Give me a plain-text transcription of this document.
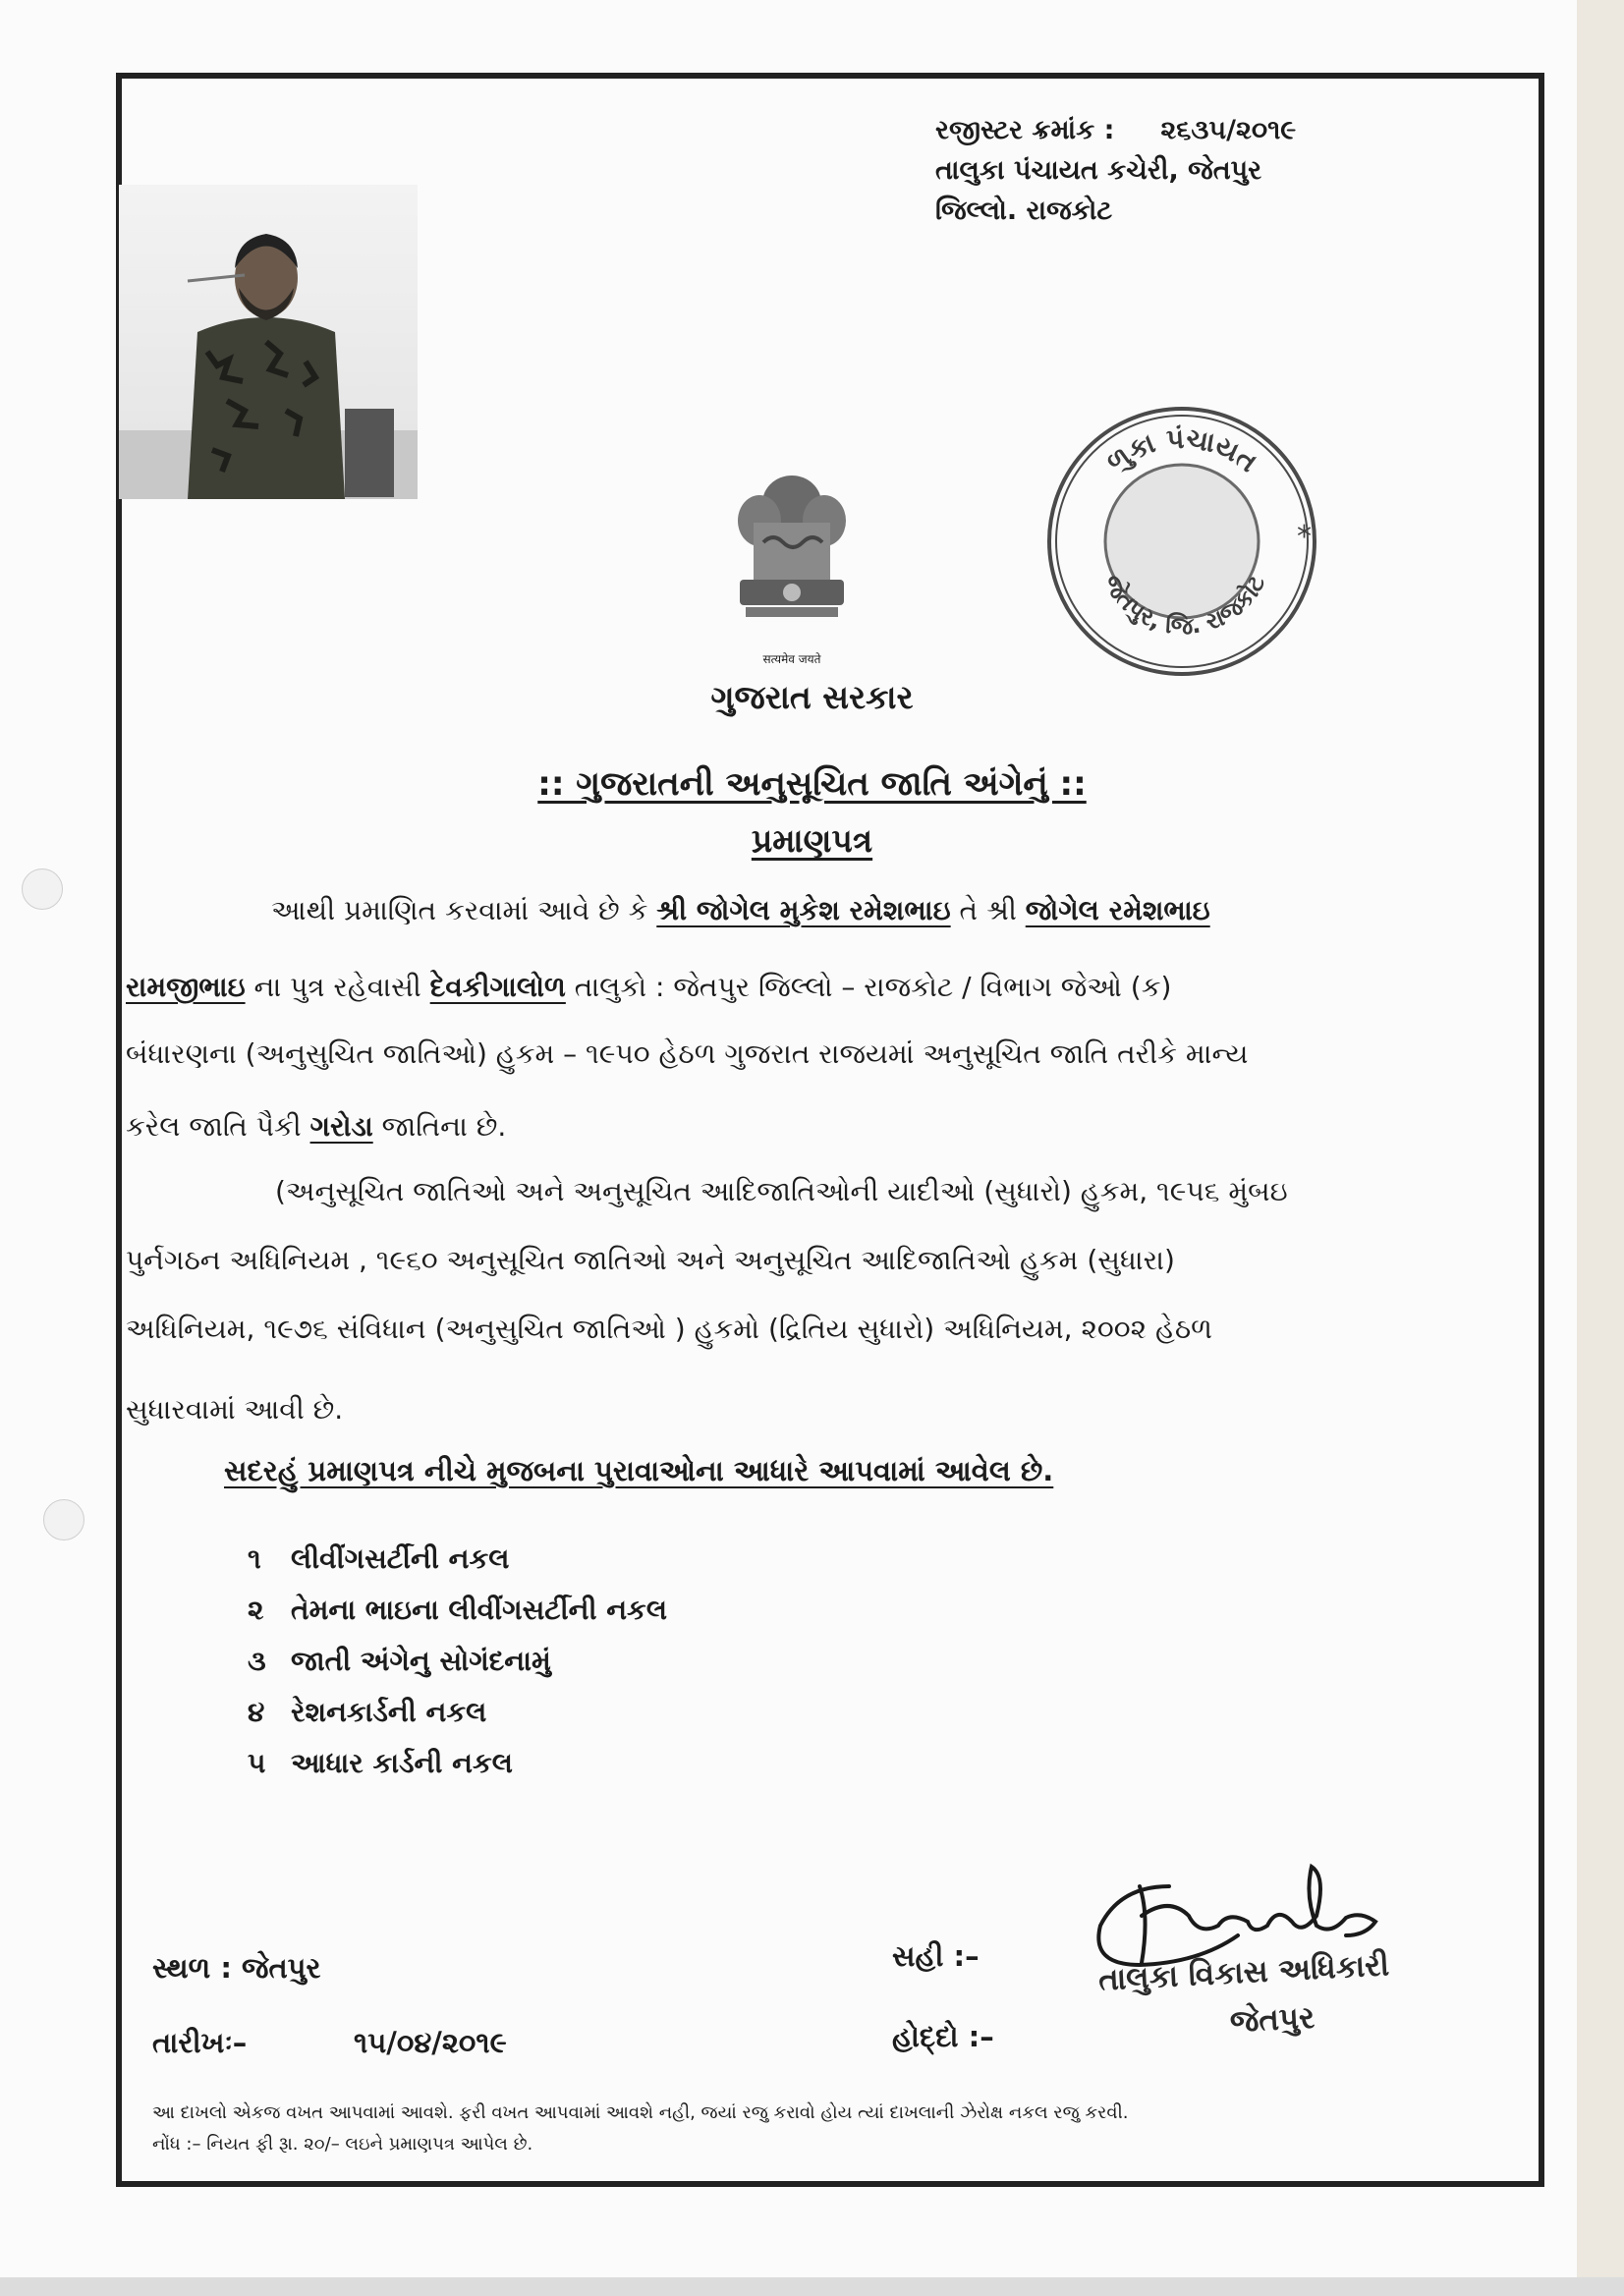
રજીસ્ટર ક્રમાંક : ૨૬૩૫/૨૦૧૯
તાલુકા પંચાયત કચેરી, જેતપુર
જિલ્લો. રાજકોટ
सत्यमेव जयते
ળુકા પંચાયત
જેતપુર, જિ. રાજકોટ
*
ગુજરાત સરકાર
:: ગુજરાતની અનુસૂચિત જાતિ અંગેનું ::
પ્રમાણપત્ર
આથી પ્રમાણિત કરવામાં આવે છે કે શ્રી જોગેલ મુકેશ રમેશભાઇ તે શ્રી જોગેલ રમેશભાઇ
રામજીભાઇ ના પુત્ર રહેવાસી દેવકીગાલોળ તાલુકો : જેતપુર જિલ્લો – રાજકોટ / વિભાગ જેઓ (ક)
બંધારણના (અનુસુચિત જાતિઓ) હુકમ – ૧૯૫૦ હેઠળ ગુજરાત રાજયમાં અનુસૂચિત જાતિ તરીકે માન્ય
કરેલ જાતિ પૈકી ગરોડા જાતિના છે.
(અનુસૂચિત જાતિઓ અને અનુસૂચિત આદિજાતિઓની યાદીઓ (સુધારો) હુકમ, ૧૯૫૬ મુંબઇ
પુર્નગઠન અધિનિયમ , ૧૯૬૦ અનુસૂચિત જાતિઓ અને અનુસૂચિત આદિજાતિઓ હુકમ (સુધારા)
અધિનિયમ, ૧૯૭૬ સંવિધાન (અનુસુચિત જાતિઓ ) હુકમો (દ્રિતિય સુધારો) અધિનિયમ, ૨૦૦૨ હેઠળ
સુધારવામાં આવી છે.
સદરહું પ્રમાણપત્ર નીચે મુજબના પુરાવાઓના આધારે આપવામાં આવેલ છે.
૧ લીવીંગસર્ટીની નકલ
૨ તેમના ભાઇના લીવીંગસર્ટીની નકલ
૩ જાતી અંગેનુ સોગંદનામું
૪ રેશનકાર્ડની નકલ
૫ આધાર કાર્ડની નકલ
સ્થળ : જેતપુર
તારીખઃ–	૧૫/૦૪/૨૦૧૯
સહી :–
હોદ્દો :–
તાલુકા વિકાસ અધિકારી
જેતપુર
આ દાખલો એકજ વખત આપવામાં આવશે. ફરી વખત આપવામાં આવશે નહી, જયાં રજુ કરાવો હોય ત્યાં દાખલાની ઝેરોક્ષ નકલ રજુ કરવી.
નોંધ :– નિયત ફી રૂા. ૨૦/– લઇને પ્રમાણપત્ર આપેલ છે.
